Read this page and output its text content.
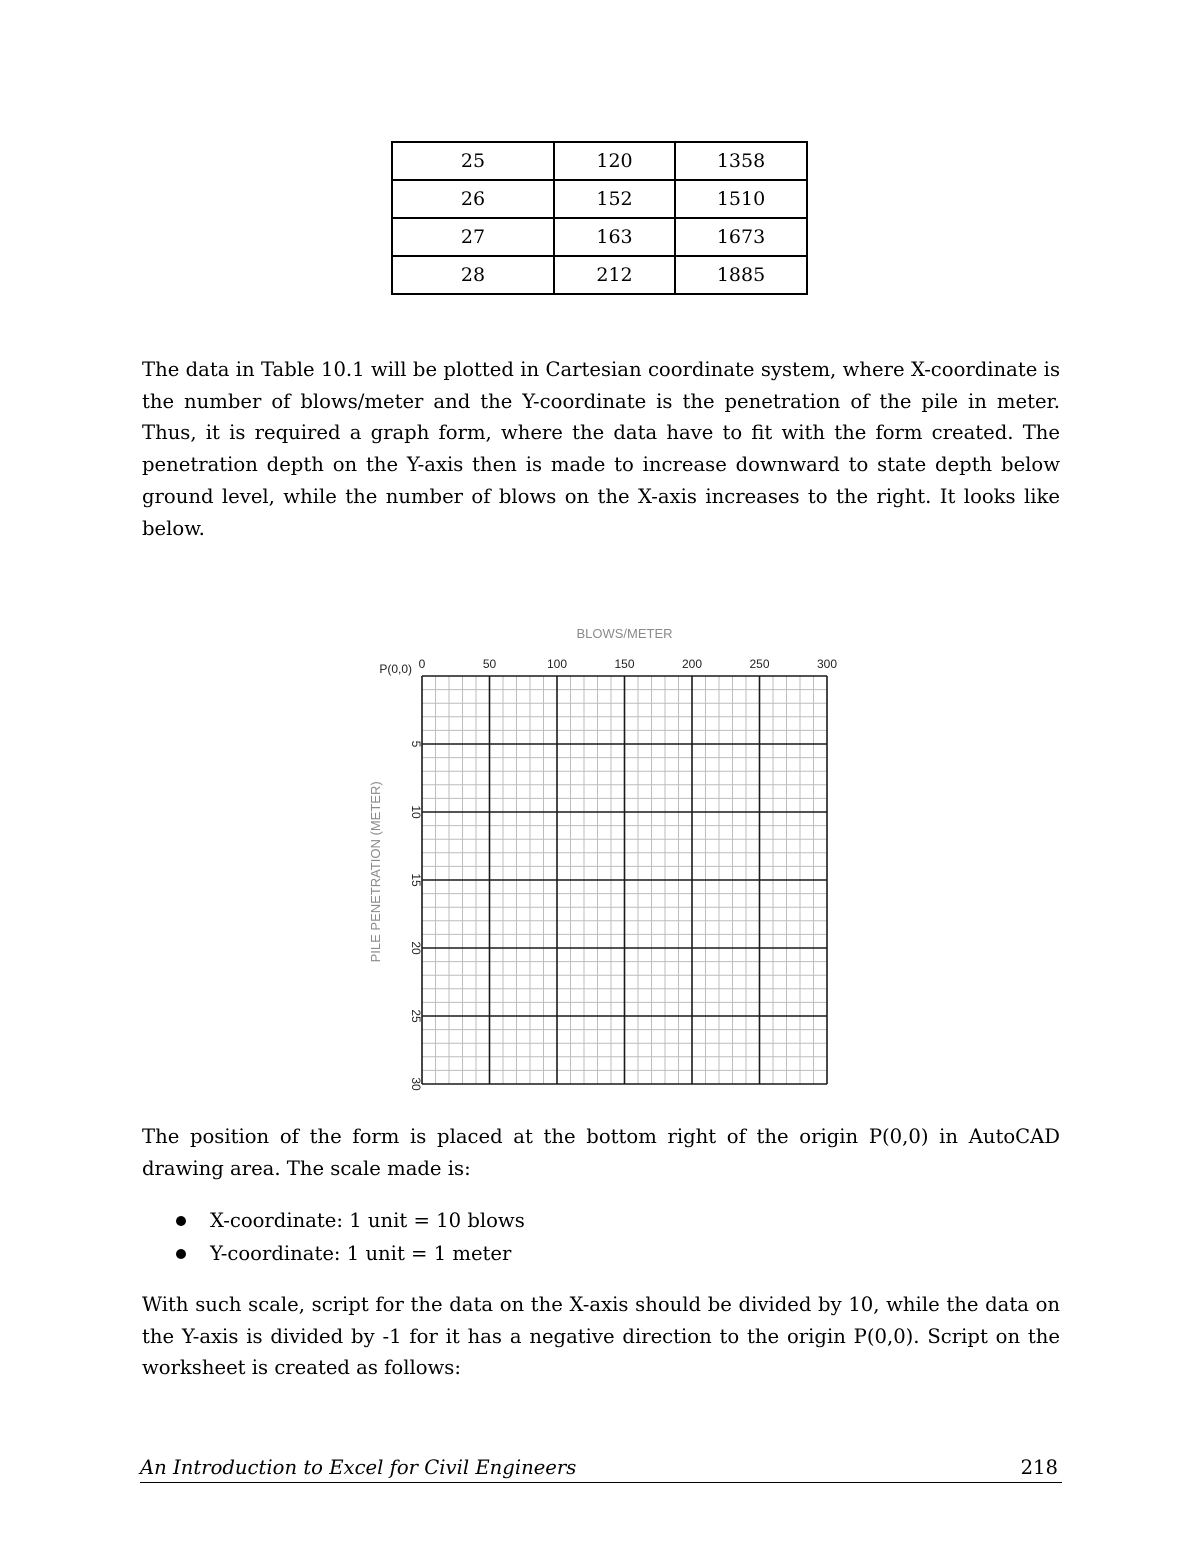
25	120	1358
26	152	1510
27	163	1673
28	212	1885

The data in Table 10.1 will be plotted in Cartesian coordinate system, where X-coordinate is the number of blows/meter and the Y-coordinate is the penetration of the pile in meter. Thus, it is required a graph form, where the data have to fit with the form created. The penetration depth on the Y-axis then is made to increase downward to state depth below ground level, while the number of blows on the X-axis increases to the right. It looks like below.

0	50	100	150	200	250	300
5
10
15
20
25
30
P(0,0)
BLOWS/METER
PILE PENETRATION (METER)

The position of the form is placed at the bottom right of the origin P(0,0) in AutoCAD drawing area. The scale made is:

X-coordinate: 1 unit = 10 blows
Y-coordinate: 1 unit = 1 meter

With such scale, script for the data on the X-axis should be divided by 10, while the data on the Y-axis is divided by -1 for it has a negative direction to the origin P(0,0). Script on the worksheet is created as follows:

An Introduction to Excel for Civil Engineers	218
